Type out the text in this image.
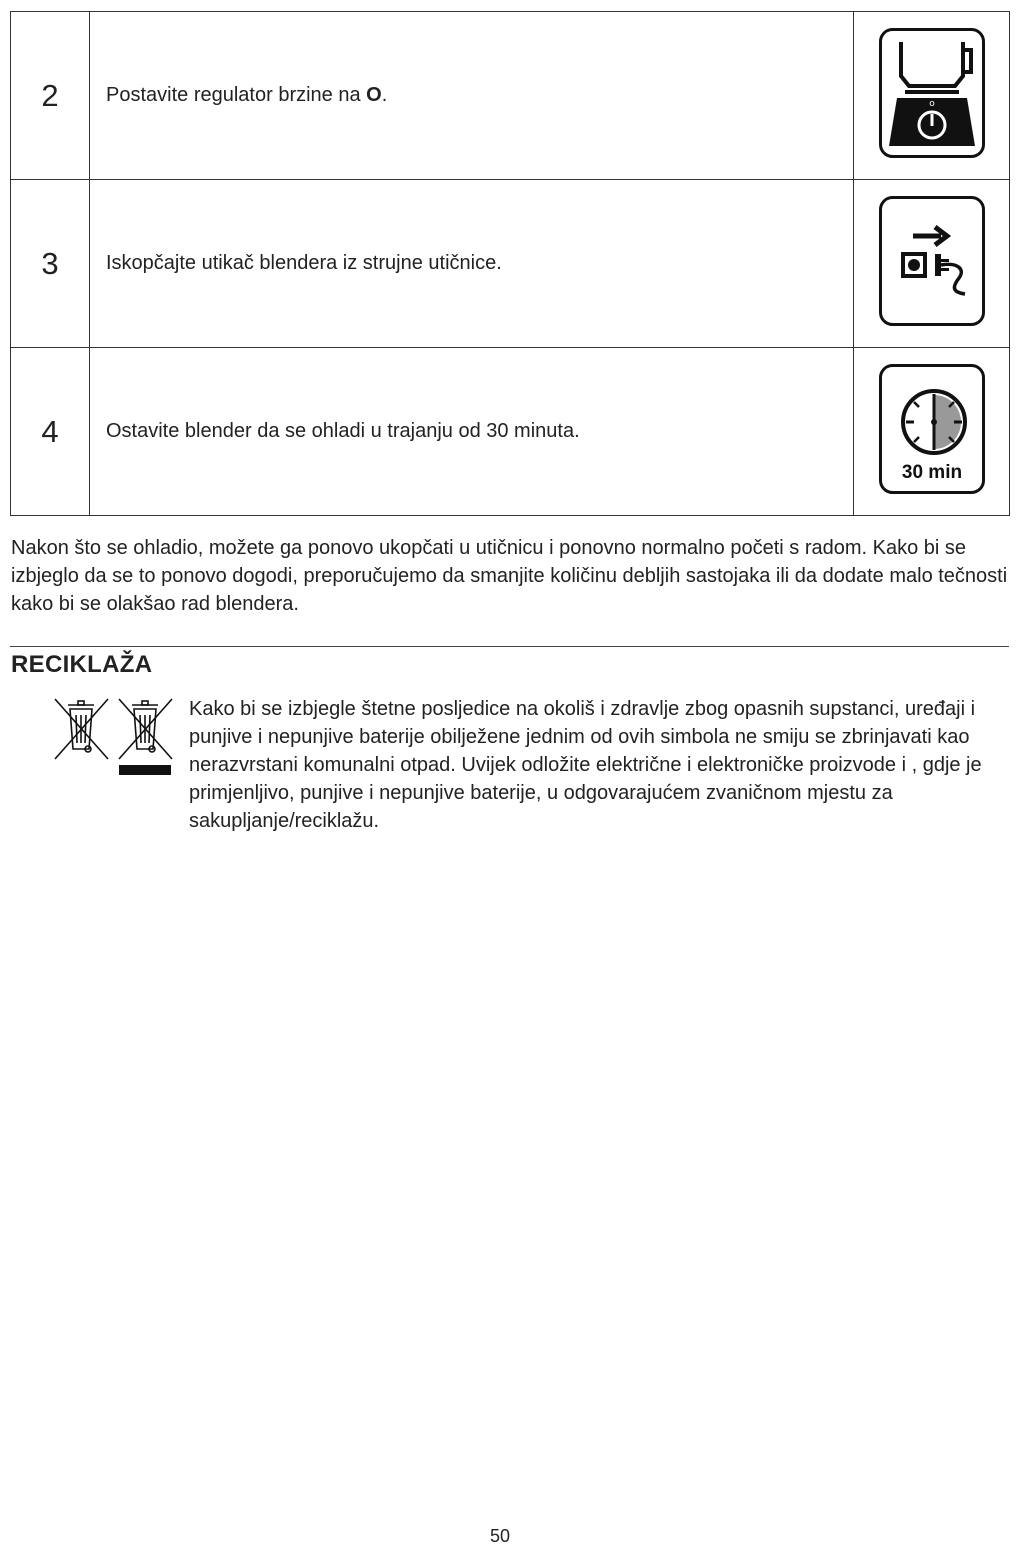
2	Postavite regulator brzine na O.	o

3	Iskopčajte utikač blendera iz strujne utičnice.	

4	Ostavite blender da se ohladi u trajanju od 30 minuta.	30 min

Nakon što se ohladio, možete ga ponovo ukopčati u utičnicu i ponovno normalno početi s radom. Kako bi se izbjeglo da se to ponovo dogodi, preporučujemo da smanjite količinu debljih sastojaka ili da dodate malo tečnosti kako bi se olakšao rad blendera.

RECIKLAŽA

Kako bi se izbjegle štetne posljedice na okoliš i zdravlje zbog opasnih supstanci, uređaji i punjive i nepunjive baterije obilježene jednim od ovih simbola ne smiju se zbrinjavati kao nerazvrstani komunalni otpad. Uvijek odložite električne i elektroničke proizvode i , gdje je primjenljivo, punjive i nepunjive baterije, u odgovarajućem zvaničnom mjestu za sakupljanje/reciklažu.

50
